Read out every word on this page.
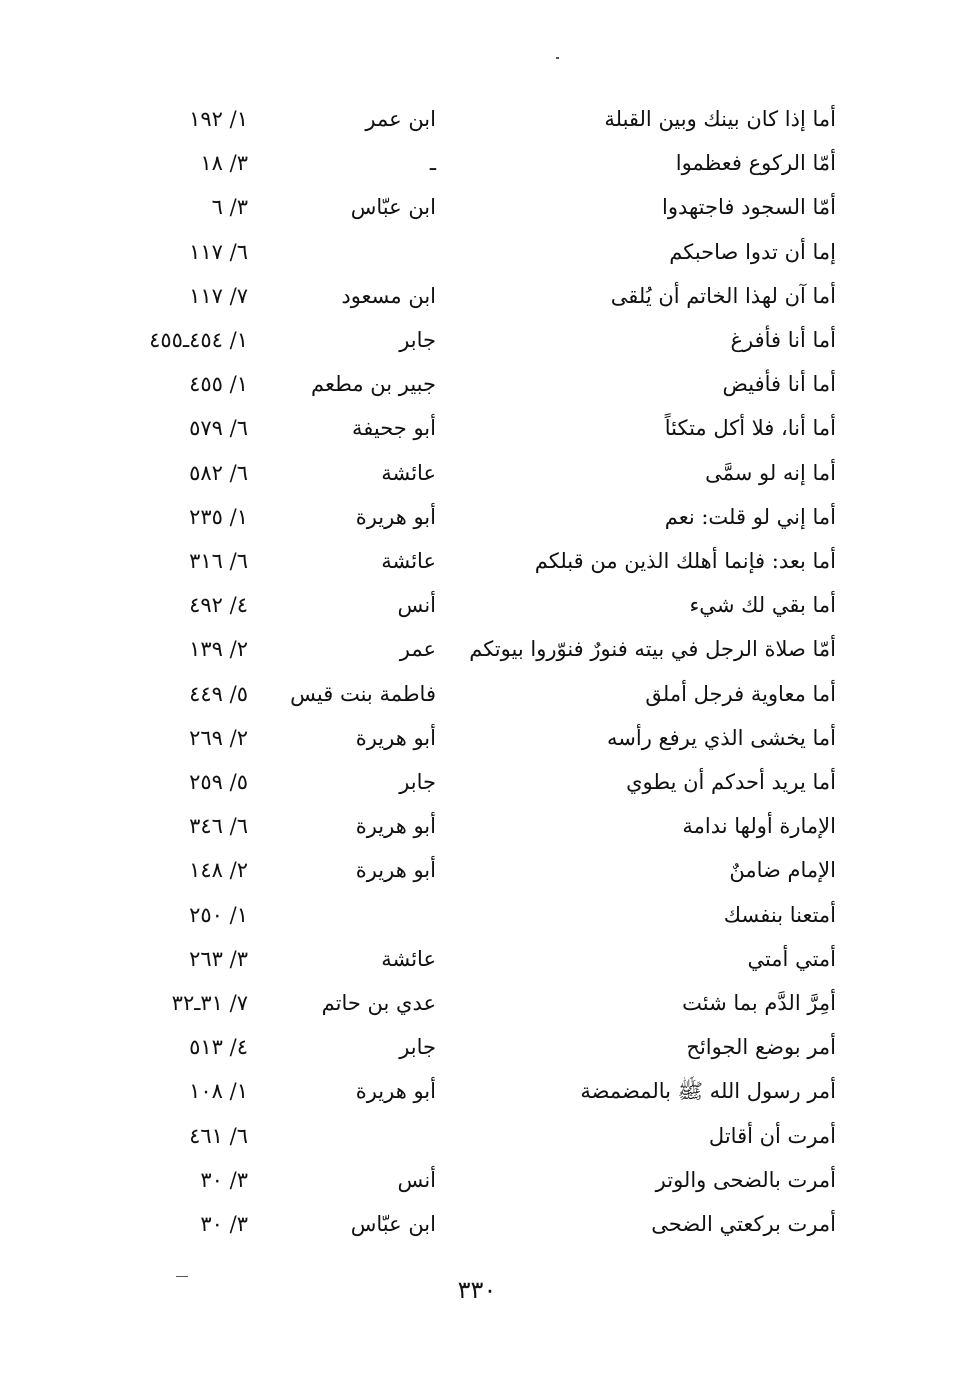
أما إذا كان بينك وبين القبلة
ابن عمر
١/ ١٩٢
أمّا الركوع فعظموا
ـ
٣/ ١٨
أمّا السجود فاجتهدوا
ابن عبّاس
٣/ ٦
إما أن تدوا صاحبكم
٦/ ١١٧
أما آن لهذا الخاتم أن يُلقى
ابن مسعود
٧/ ١١٧
أما أنا فأفرغ
جابر
١/ ٤٥٤ـ٤٥٥
أما أنا فأفيض
جبير بن مطعم
١/ ٤٥٥
أما أنا، فلا أكل متكئاً
أبو جحيفة
٦/ ٥٧٩
أما إنه لو سمَّى
عائشة
٦/ ٥٨٢
أما إني لو قلت: نعم
أبو هريرة
١/ ٢٣٥
أما بعد: فإنما أهلك الذين من قبلكم
عائشة
٦/ ٣١٦
أما بقي لك شيء
أنس
٤/ ٤٩٢
أمّا صلاة الرجل في بيته فنورٌ فنوّروا بيوتكم
عمر
٢/ ١٣٩
أما معاوية فرجل أملق
فاطمة بنت قيس
٥/ ٤٤٩
أما يخشى الذي يرفع رأسه
أبو هريرة
٢/ ٢٦٩
أما يريد أحدكم أن يطوي
جابر
٥/ ٢٥٩
الإمارة أولها ندامة
أبو هريرة
٦/ ٣٤٦
الإمام ضامنٌ
أبو هريرة
٢/ ١٤٨
أمتعنا بنفسك
١/ ٢٥٠
أمتي أمتي
عائشة
٣/ ٢٦٣
أمِرَّ الدَّم بما شئت
عدي بن حاتم
٧/ ٣١ـ٣٢
أمر بوضع الجوائح
جابر
٤/ ٥١٣
أمر رسول الله ﷺ بالمضمضة
أبو هريرة
١/ ١٠٨
أمرت أن أقاتل
٦/ ٤٦١
أمرت بالضحى والوتر
أنس
٣/ ٣٠
أمرت بركعتي الضحى
ابن عبّاس
٣/ ٣٠
٣٣٠
